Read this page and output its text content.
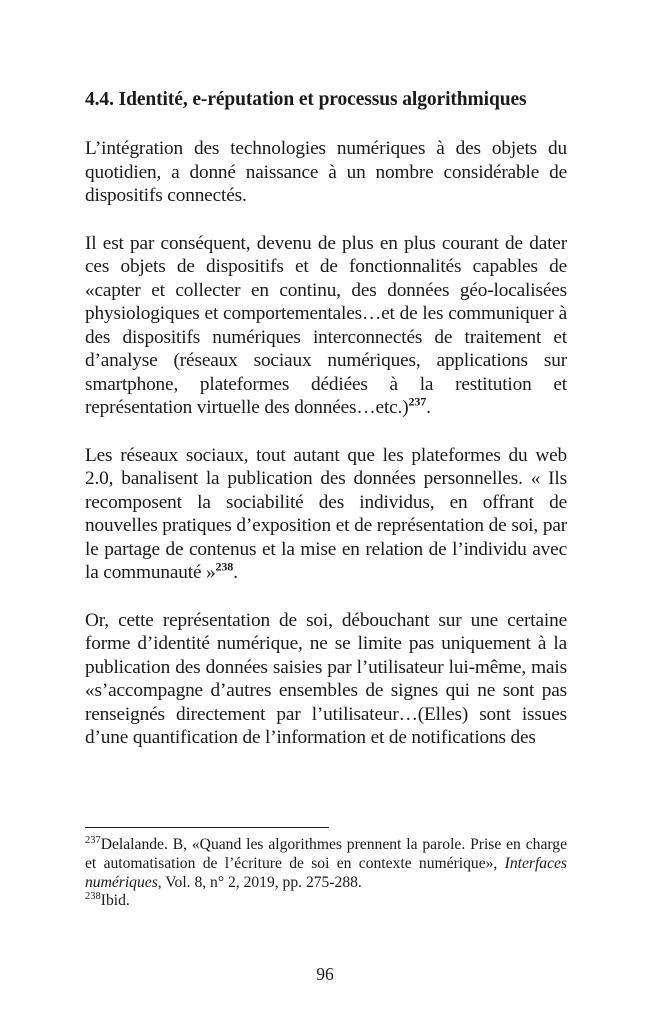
4.4. Identité, e-réputation et processus algorithmiques

L’intégration des technologies numériques à des objets du quotidien, a donné naissance à un nombre considérable de dispositifs connectés.

Il est par conséquent, devenu de plus en plus courant de dater ces objets de dispositifs et de fonctionnalités capables de «capter et collecter en continu, des données géo-localisées physiologiques et comportementales…et de les communiquer à des dispositifs numériques interconnectés de traitement et d’analyse (réseaux sociaux numériques, applications sur smartphone, plateformes dédiées à la restitution et représentation virtuelle des données…etc.)$^{237}$.

Les réseaux sociaux, tout autant que les plateformes du web 2.0, banalisent la publication des données personnelles. « Ils recomposent la sociabilité des individus, en offrant de nouvelles pratiques d’exposition et de représentation de soi, par le partage de contenus et la mise en relation de l’individu avec la communauté »$^{238}$.

Or, cette représentation de soi, débouchant sur une certaine forme d’identité numérique, ne se limite pas uniquement à la publication des données saisies par l’utilisateur lui-même, mais «s’accompagne d’autres ensembles de signes qui ne sont pas renseignés directement par l’utilisateur…(Elles) sont issues d’une quantification de l’information et de notifications des

$^{237}$Delalande. B, «Quand les algorithmes prennent la parole. Prise en charge et automatisation de l’écriture de soi en contexte numérique», Interfaces numériques, Vol. 8, n° 2, 2019, pp. 275-288.

$^{238}$Ibid.

96
